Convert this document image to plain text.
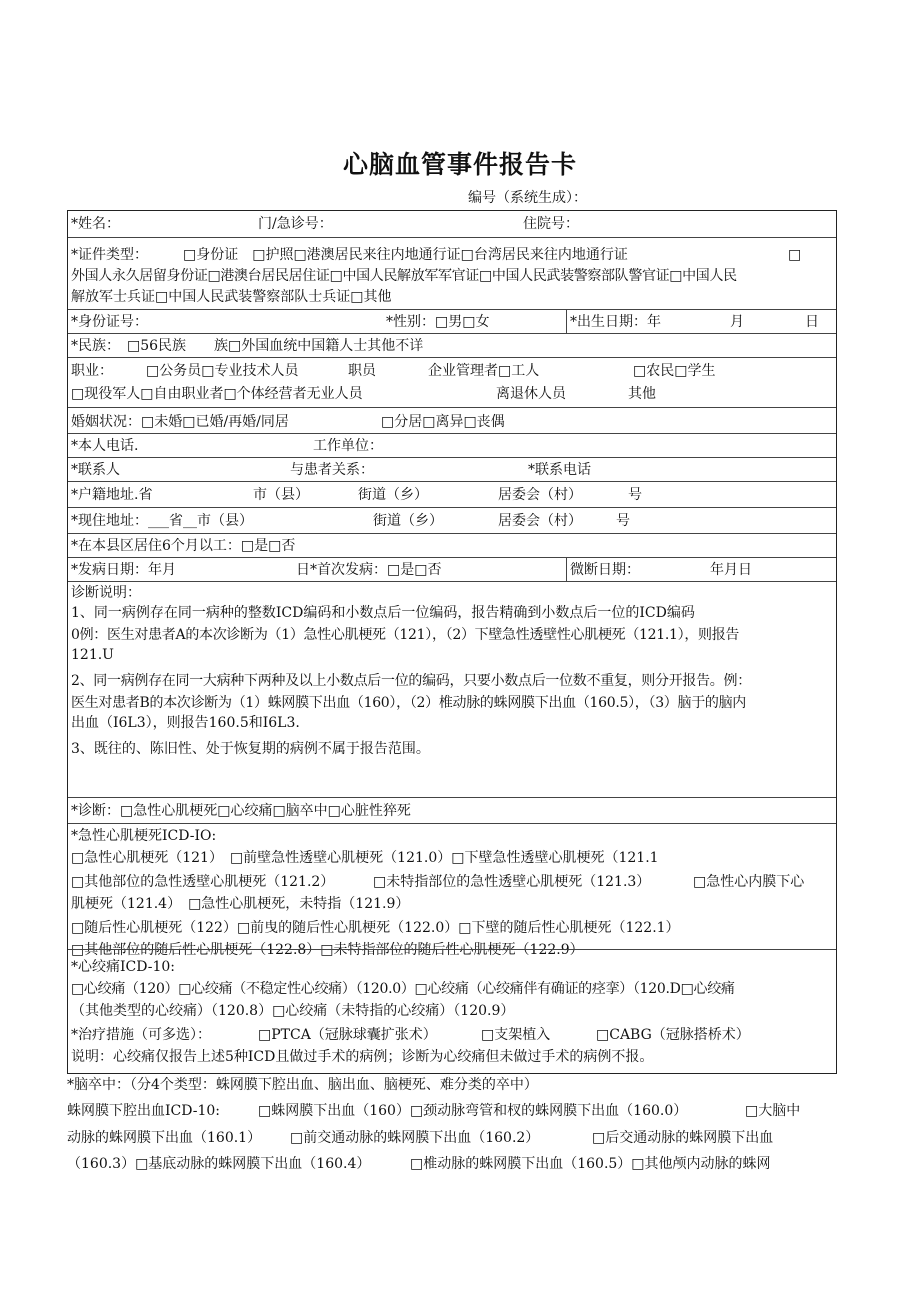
心脑血管事件报告卡
编号（系统生成）：
*姓名：	门/急诊号：	住院号：
*证件类型：　　　□身份证　□护照□港澳居民来往内地通行证□台湾居民来往内地通行证	□
外国人永久居留身份证□港澳台居民居住证□中国人民解放军军官证□中国人民武装警察部队警官证□中国人民
解放军士兵证□中国人民武装警察部队士兵证□其他
*身份证号：	*性别：□男□女	*出生日期：年	月	日
*民族：　□56民族　　族□外国血统中国籍人士其他不详
职业： □公务员□专业技术人员	职员	企业管理者□工人	□农民□学生
□现役军人□自由职业者□个体经营者无业人员	离退休人员	其他
婚姻状况：□未婚□已婚/再婚/同居	□分居□离异□丧偶
*本人电话.	工作单位：
*联系人	与患者关系：	*联系电话
*户籍地址.省	市（县）	街道（乡）	居委会（村）	号
*现住地址：___省__市（县）	街道（乡）	居委会（村） 号
*在本县区居住6个月以工：□是□否
*发病日期：年月	日*首次发病：□是□否	微断日期：	年月日
诊断说明：
1、同一病例存在同一病种的整数ICD编码和小数点后一位编码，报告精确到小数点后一位的ICD编码
0例：医生对患者A的本次诊断为（1）急性心肌梗死（121），（2）下壁急性透壁性心肌梗死（121.1），则报告
121.U
2、同一病例存在同一大病种下两种及以上小数点后一位的编码，只要小数点后一位数不重复，则分开报告。例：
医生对患者B的本次诊断为（1）蛛网膜下出血（160），（2）椎动脉的蛛网膜下出血（160.5），（3）脑于的脑内
出血（I6L3），则报告160.5和I6L3.
3、既往的、陈旧性、处于恢复期的病例不属于报告范围。
*诊断：□急性心肌梗死□心绞痛□脑卒中□心脏性猝死
*急性心肌梗死ICD-IO:
□急性心肌梗死（121）　□前壁急性透壁心肌梗死（121.0）□下壁急性透壁心肌梗死（121.1
□其他部位的急性透壁心肌梗死（121.2）	□未特指部位的急性透壁心肌梗死（121.3）	□急性心内膜下心
肌梗死（121.4）　□急性心肌梗死，未特指（121.9）
□随后性心肌梗死（122）□前曳的随后性心肌梗死（122.0）□下壁的随后性心肌梗死（122.1）
□其他部位的随后性心肌梗死（122.8）□未特指部位的随后性心肌梗死（122.9）
*心绞痛ICD-10:
□心绞痛（120）□心绞痛（不稳定性心绞痛）（120.0）□心绞痛（心绞痛伴有确证的痉挛）（120.D□心绞痛
（其他类型的心绞痛）（120.8）□心绞痛（未特指的心绞痛）（120.9）
*治疗措施（可多选）：	□PTCA（冠脉球囊扩张术）	□支架植入	□CABG（冠脉搭桥术）
说明：心绞痛仅报告上述5种ICD且做过手术的病例；诊断为心绞痛但未做过手术的病例不报。
*脑卒中：（分4个类型：蛛网膜下腔出血、脑出血、脑梗死、难分类的卒中）
蛛网膜下腔出血ICD-10:	□蛛网膜下出血（160）□颈动脉弯管和杈的蛛网膜下出血（160.0）	□大脑中
动脉的蛛网膜下出血（160.1） □前交通动脉的蛛网膜下出血（160.2）	□后交通动脉的蛛网膜下出血
（160.3）□基底动脉的蛛网膜下出血（160.4）	□椎动脉的蛛网膜下出血（160.5）□其他颅内动脉的蛛网
